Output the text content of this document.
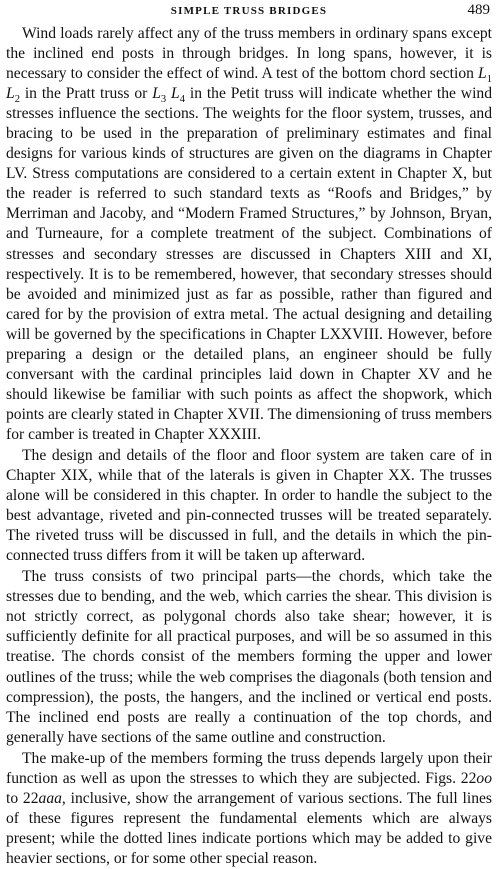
SIMPLE TRUSS BRIDGES	489

Wind loads rarely affect any of the truss members in ordinary spans except the inclined end posts in through bridges. In long spans, however, it is necessary to consider the effect of wind. A test of the bottom chord section $L_1$ $L_2$ in the Pratt truss or $L_3$ $L_4$ in the Petit truss will indicate whether the wind stresses influence the sections. The weights for the floor system, trusses, and bracing to be used in the preparation of preliminary estimates and final designs for various kinds of structures are given on the diagrams in Chapter LV. Stress computations are considered to a certain extent in Chapter X, but the reader is referred to such standard texts as “Roofs and Bridges,” by Merriman and Jacoby, and “Modern Framed Structures,” by Johnson, Bryan, and Turneaure, for a complete treatment of the subject. Combinations of stresses and secondary stresses are discussed in Chapters XIII and XI, respectively. It is to be remembered, however, that secondary stresses should be avoided and minimized just as far as possible, rather than figured and cared for by the provision of extra metal. The actual designing and detailing will be governed by the specifications in Chapter LXXVIII. However, before preparing a design or the detailed plans, an engineer should be fully conversant with the cardinal principles laid down in Chapter XV and he should likewise be familiar with such points as affect the shopwork, which points are clearly stated in Chapter XVII. The dimensioning of truss members for camber is treated in Chapter XXXIII.

The design and details of the floor and floor system are taken care of in Chapter XIX, while that of the laterals is given in Chapter XX. The trusses alone will be considered in this chapter. In order to handle the subject to the best advantage, riveted and pin-connected trusses will be treated separately. The riveted truss will be discussed in full, and the details in which the pin-connected truss differs from it will be taken up afterward.

The truss consists of two principal parts—the chords, which take the stresses due to bending, and the web, which carries the shear. This division is not strictly correct, as polygonal chords also take shear; however, it is sufficiently definite for all practical purposes, and will be so assumed in this treatise. The chords consist of the members forming the upper and lower outlines of the truss; while the web comprises the diagonals (both tension and compression), the posts, the hangers, and the inclined or vertical end posts. The inclined end posts are really a continuation of the top chords, and generally have sections of the same outline and construction.

The make-up of the members forming the truss depends largely upon their function as well as upon the stresses to which they are subjected. Figs. 22oo to 22aaa, inclusive, show the arrangement of various sections. The full lines of these figures represent the fundamental elements which are always present; while the dotted lines indicate portions which may be added to give heavier sections, or for some other special reason.
